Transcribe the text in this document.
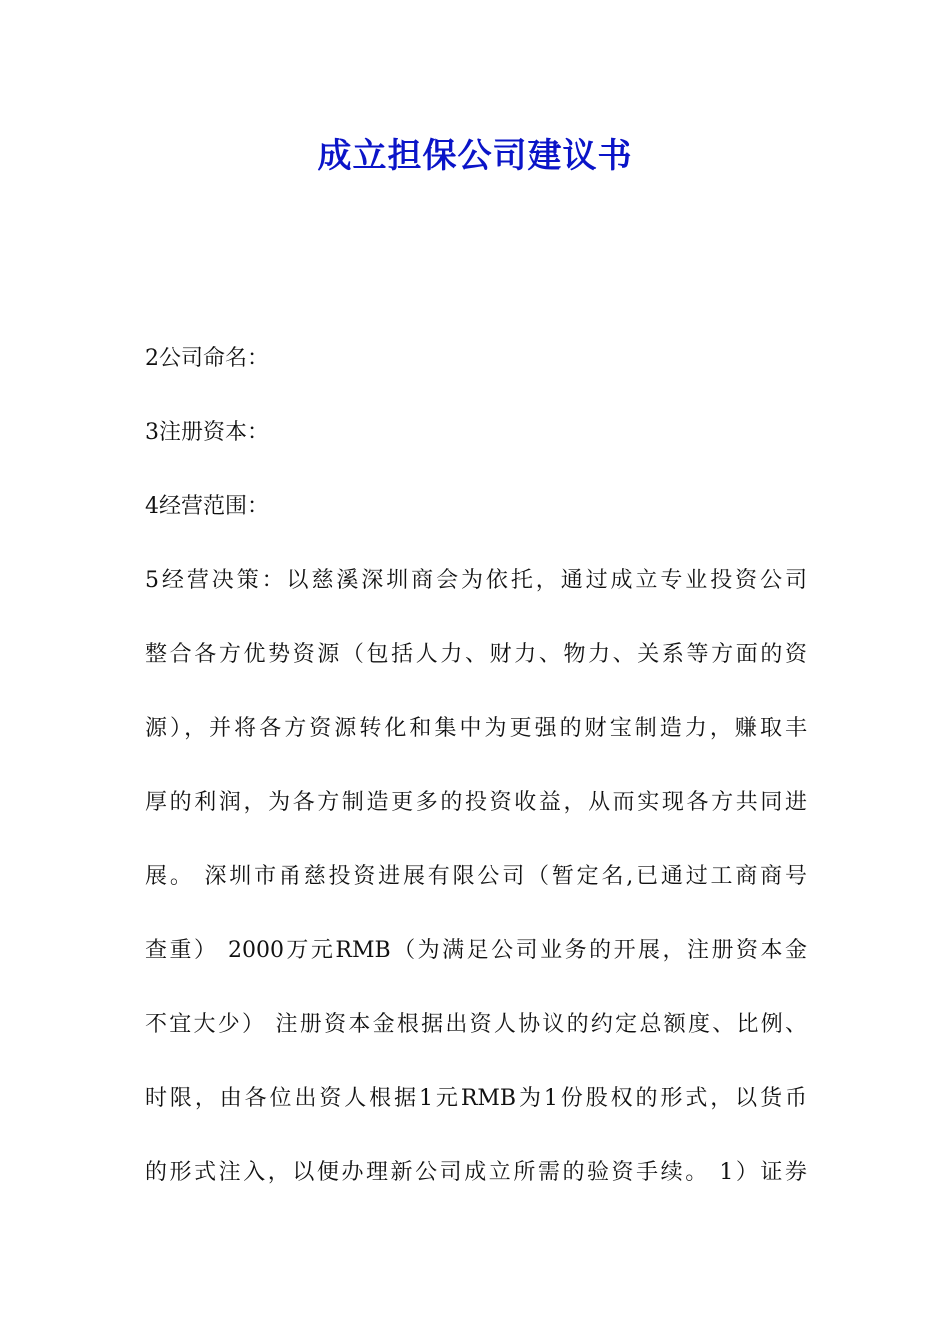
成立担保公司建议书
2公司命名：
3注册资本：
4经营范围：
5经营决策：以慈溪深圳商会为依托，通过成立专业投资公司
整合各方优势资源（包括人力、财力、物力、关系等方面的资
源），并将各方资源转化和集中为更强的财宝制造力，赚取丰
厚的利润，为各方制造更多的投资收益，从而实现各方共同进
展。 深圳市甬慈投资进展有限公司（暂定名,已通过工商商号
查重） 2000万元RMB（为满足公司业务的开展，注册资本金
不宜大少） 注册资本金根据出资人协议的约定总额度、比例、
时限，由各位出资人根据1元RMB为1份股权的形式，以货币
的形式注入，以便办理新公司成立所需的验资手续。 1）证券
